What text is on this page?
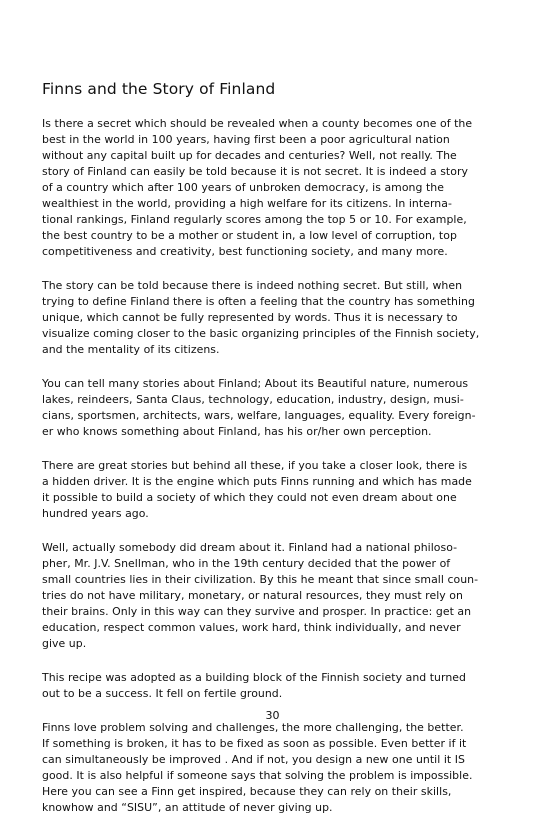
Finns and the Story of Finland

Is there a secret which should be revealed when a county becomes one of the
best in the world in 100 years, having first been a poor agricultural nation
without any capital built up for decades and centuries? Well, not really. The
story of Finland can easily be told because it is not secret. It is indeed a story
of a country which after 100 years of unbroken democracy, is among the
wealthiest in the world, providing a high welfare for its citizens. In interna-
tional rankings, Finland regularly scores among the top 5 or 10. For example,
the best country to be a mother or student in, a low level of corruption, top
competitiveness and creativity, best functioning society, and many more.

The story can be told because there is indeed nothing secret. But still, when
trying to define Finland there is often a feeling that the country has something
unique, which cannot be fully represented by words. Thus it is necessary to
visualize coming closer to the basic organizing principles of the Finnish society,
and the mentality of its citizens.

You can tell many stories about Finland; About its Beautiful nature, numerous
lakes, reindeers, Santa Claus, technology, education, industry, design, musi-
cians, sportsmen, architects, wars, welfare, languages, equality. Every foreign-
er who knows something about Finland, has his or/her own perception.

There are great stories but behind all these, if you take a closer look, there is
a hidden driver. It is the engine which puts Finns running and which has made
it possible to build a society of which they could not even dream about one
hundred years ago.

Well, actually somebody did dream about it. Finland had a national philoso-
pher, Mr. J.V. Snellman, who in the 19th century decided that the power of
small countries lies in their civilization. By this he meant that since small coun-
tries do not have military, monetary, or natural resources, they must rely on
their brains. Only in this way can they survive and prosper. In practice: get an
education, respect common values, work hard, think individually, and never
give up.

This recipe was adopted as a building block of the Finnish society and turned
out to be a success. It fell on fertile ground.

Finns love problem solving and challenges, the more challenging, the better.
If something is broken, it has to be fixed as soon as possible. Even better if it
can simultaneously be improved . And if not, you design a new one until it IS
good. It is also helpful if someone says that solving the problem is impossible.
Here you can see a Finn get inspired, because they can rely on their skills,
knowhow and “SISU”, an attitude of never giving up.

30
